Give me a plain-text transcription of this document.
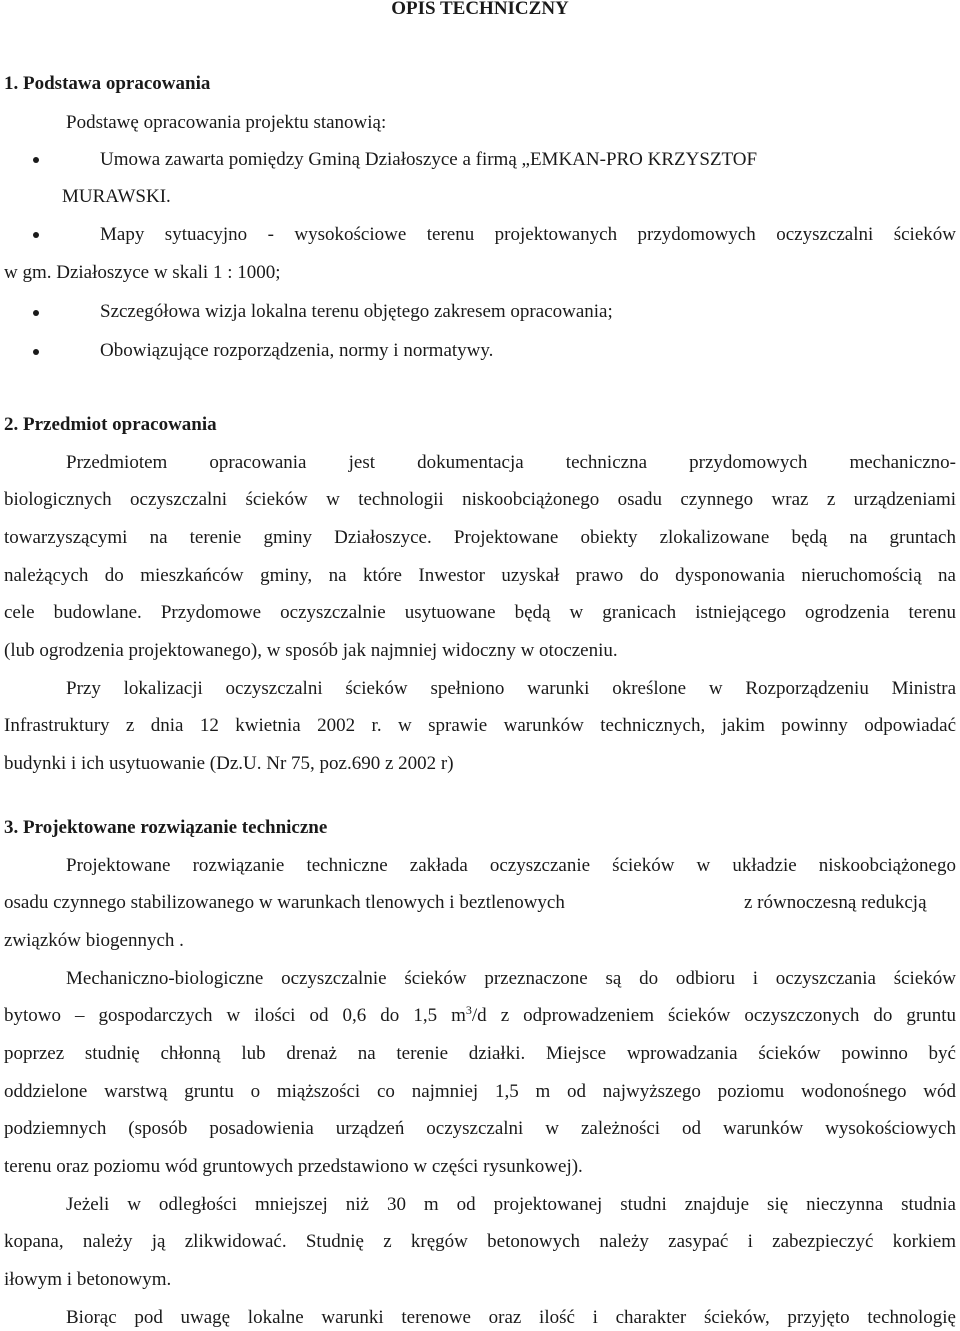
OPIS TECHNICZNY
1. Podstawa opracowania
Podstawę opracowania projektu stanowią:
Umowa zawarta pomiędzy Gminą Działoszyce a firmą „EMKAN-PRO KRZYSZTOF
MURAWSKI.
Mapy sytuacyjno - wysokościowe terenu projektowanych przydomowych oczyszczalni ścieków
w gm. Działoszyce w skali 1 : 1000;
Szczegółowa wizja lokalna terenu objętego zakresem opracowania;
Obowiązujące rozporządzenia, normy i normatywy.
2. Przedmiot opracowania
Przedmiotem opracowania jest dokumentacja techniczna przydomowych mechaniczno-
biologicznych oczyszczalni ścieków w technologii niskoobciążonego osadu czynnego wraz z urządzeniami
towarzyszącymi na terenie gminy Działoszyce. Projektowane obiekty zlokalizowane będą na gruntach
należących do mieszkańców gminy, na które Inwestor uzyskał prawo do dysponowania nieruchomością na
cele budowlane. Przydomowe oczyszczalnie usytuowane będą w granicach istniejącego ogrodzenia terenu
(lub ogrodzenia projektowanego), w sposób jak najmniej widoczny w otoczeniu.
Przy lokalizacji oczyszczalni ścieków spełniono warunki określone w Rozporządzeniu Ministra
Infrastruktury z dnia 12 kwietnia 2002 r. w sprawie warunków technicznych, jakim powinny odpowiadać
budynki i ich usytuowanie (Dz.U. Nr 75, poz.690 z 2002 r)
3. Projektowane rozwiązanie techniczne
Projektowane rozwiązanie techniczne zakłada oczyszczanie ścieków w układzie niskoobciążonego
osadu czynnego stabilizowanego w warunkach tlenowych i beztlenowych	z równoczesną redukcją
związków biogennych .
Mechaniczno-biologiczne oczyszczalnie ścieków przeznaczone są do odbioru i oczyszczania ścieków
bytowo – gospodarczych w ilości od 0,6 do 1,5 $m^3/d$ z odprowadzeniem ścieków oczyszczonych do gruntu
poprzez studnię chłonną lub drenaż na terenie działki. Miejsce wprowadzania ścieków powinno być
oddzielone warstwą gruntu o miąższości co najmniej 1,5 m od najwyższego poziomu wodonośnego wód
podziemnych (sposób posadowienia urządzeń oczyszczalni w zależności od warunków wysokościowych
terenu oraz poziomu wód gruntowych przedstawiono w części rysunkowej).
Jeżeli w odległości mniejszej niż 30 m od projektowanej studni znajduje się nieczynna studnia
kopana, należy ją zlikwidować. Studnię z kręgów betonowych należy zasypać i zabezpieczyć korkiem
iłowym i betonowym.
Biorąc pod uwagę lokalne warunki terenowe oraz ilość i charakter ścieków, przyjęto technologię
